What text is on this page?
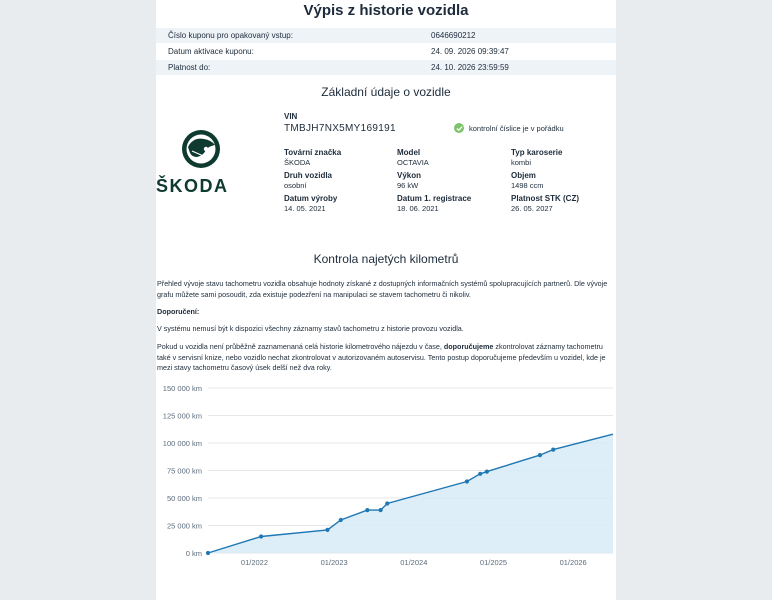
Výpis z historie vozidla
Číslo kuponu pro opakovaný vstup:	0646690212
Datum aktivace kuponu:	24. 09. 2026 09:39:47
Platnost do:	24. 10. 2026 23:59:59
Základní údaje o vozidle
ŠKODA
VIN
TMBJH7NX5MY169191	kontrolní číslice je v pořádku
Tovární značka
ŠKODA
Model
OCTAVIA
Typ karoserie
kombi
Druh vozidla
osobní
Výkon
96 kW
Objem
1498 ccm
Datum výroby
14. 05. 2021
Datum 1. registrace
18. 06. 2021
Platnost STK (CZ)
26. 05. 2027
Kontrola najetých kilometrů
Přehled vývoje stavu tachometru vozidla obsahuje hodnoty získané z dostupných informačních systémů spolupracujících partnerů. Dle vývoje grafu můžete sami posoudit, zda existuje podezření na manipulaci se stavem tachometru či nikoliv.
Doporučení:
V systému nemusí být k dispozici všechny záznamy stavů tachometru z historie provozu vozidla.
Pokud u vozidla není průběžně zaznamenaná celá historie kilometrového nájezdu v čase, doporučujeme zkontrolovat záznamy tachometru také v servisní knize, nebo vozidlo nechat zkontrolovat v autorizovaném autoservisu. Tento postup doporučujeme především u vozidel, kde je mezi stavy tachometru časový úsek delší než dva roky.
0 km
25 000 km
50 000 km
75 000 km
100 000 km
125 000 km
150 000 km
01/2022	01/2023	01/2024	01/2025	01/2026
